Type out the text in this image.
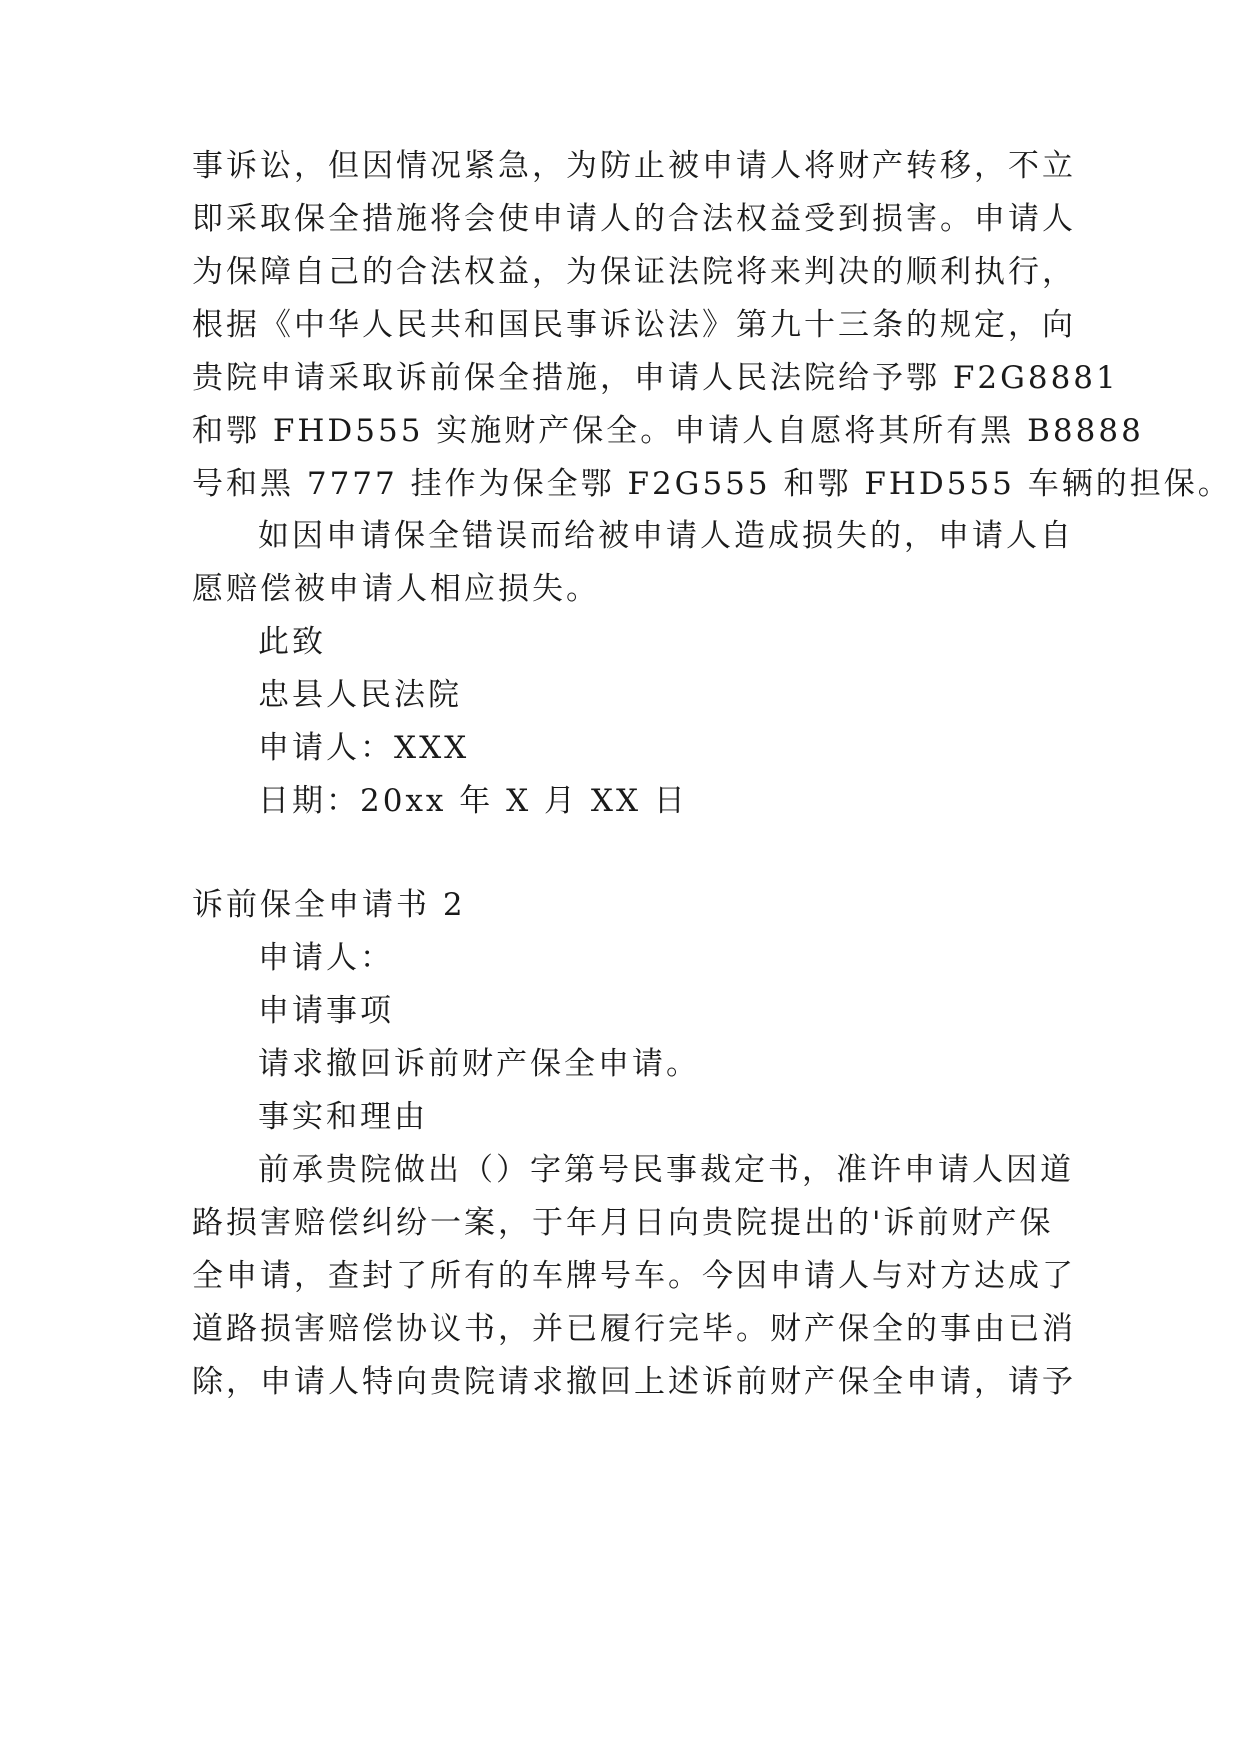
事诉讼，但因情况紧急，为防止被申请人将财产转移，不立
即采取保全措施将会使申请人的合法权益受到损害。申请人
为保障自己的合法权益，为保证法院将来判决的顺利执行，
根据《中华人民共和国民事诉讼法》第九十三条的规定，向
贵院申请采取诉前保全措施，申请人民法院给予鄂 F2G8881
和鄂 FHD555 实施财产保全。申请人自愿将其所有黑 B8888
号和黑 7777 挂作为保全鄂 F2G555 和鄂 FHD555 车辆的担保。
如因申请保全错误而给被申请人造成损失的，申请人自
愿赔偿被申请人相应损失。
此致
忠县人民法院
申请人：XXX
日期：20xx 年 X 月 XX 日
诉前保全申请书 2
申请人：
申请事项
请求撤回诉前财产保全申请。
事实和理由
前承贵院做出（）字第号民事裁定书，准许申请人因道
路损害赔偿纠纷一案，于年月日向贵院提出的'诉前财产保
全申请，查封了所有的车牌号车。今因申请人与对方达成了
道路损害赔偿协议书，并已履行完毕。财产保全的事由已消
除，申请人特向贵院请求撤回上述诉前财产保全申请，请予
